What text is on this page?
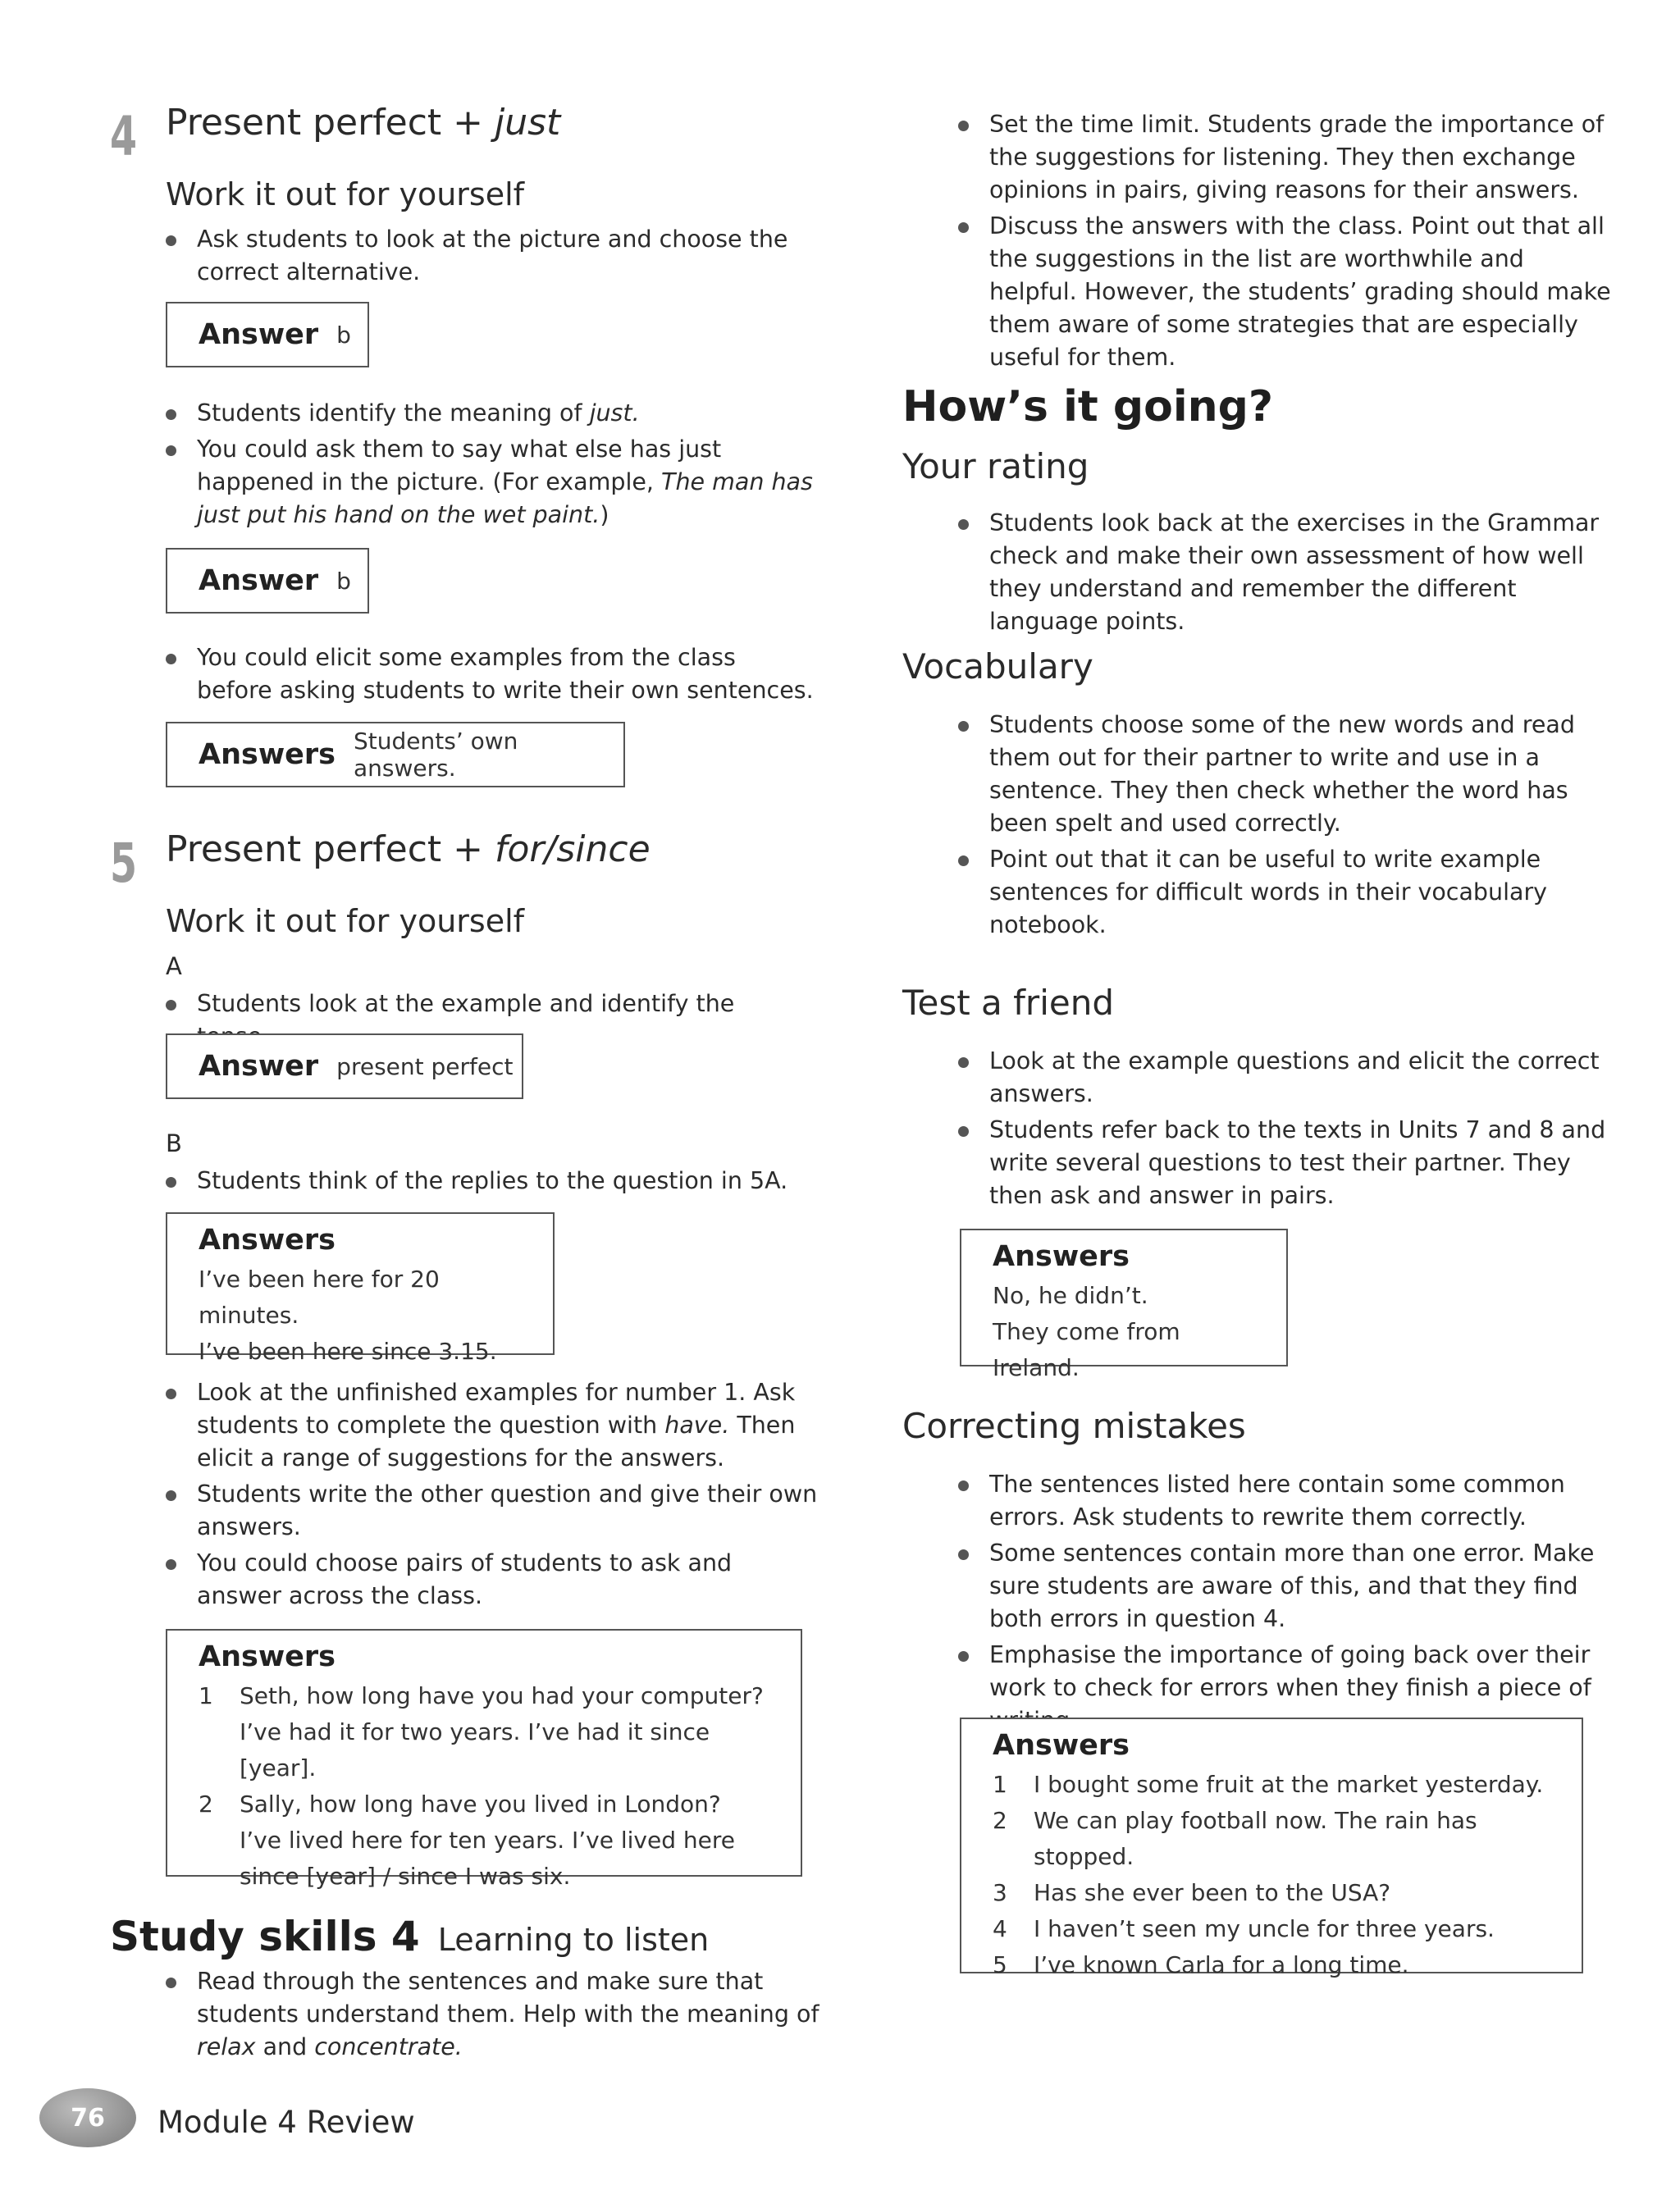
4 Present perfect + just
Work it out for yourself
Ask students to look at the picture and choose the correct alternative.
Answer b
Students identify the meaning of just.
You could ask them to say what else has just happened in the picture. (For example, The man has just put his hand on the wet paint.)
Answer b
You could elicit some examples from the class before asking students to write their own sentences.
Answers Students’ own answers.
5 Present perfect + for/since
Work it out for yourself
A
Students look at the example and identify the
Answer present perfect
B
Students think of the replies to the question in 5A.
Answers
I’ve been here for 20 minutes.
I’ve been here since 3.15.
Look at the unfinished examples for number 1. Ask students to complete the question with have. Then elicit a range of suggestions for the answers.
Students write the other question and give their own answers.
You could choose pairs of students to ask and answer across the class.
Answers
1	Seth, how long have you had your computer?
I’ve had it for two years. I’ve had it since [year].
2	Sally, how long have you lived in London?
I’ve lived here for ten years. I’ve lived here since [year] / since I was six.
Study skills 4 Learning to listen
Read through the sentences and make sure that students understand them. Help with the meaning of relax and concentrate.
76	Module 4 Review
Set the time limit. Students grade the importance of the suggestions for listening. They then exchange opinions in pairs, giving reasons for their answers.
Discuss the answers with the class. Point out that all the suggestions in the list are worthwhile and helpful. However, the students’ grading should make them aware of some strategies that are especially useful for them.
How’s it going?
Your rating
Students look back at the exercises in the Grammar check and make their own assessment of how well they understand and remember the different language points.
Vocabulary
Students choose some of the new words and read them out for their partner to write and use in a sentence. They then check whether the word has been spelt and used correctly.
Point out that it can be useful to write example sentences for difficult words in their vocabulary notebook.
Test a friend
Look at the example questions and elicit the correct answers.
Students refer back to the texts in Units 7 and 8 and write several questions to test their partner. They then ask and answer in pairs.
Answers
No, he didn’t.
They come from Ireland.
Correcting mistakes
The sentences listed here contain some common errors. Ask students to rewrite them correctly.
Some sentences contain more than one error. Make sure students are aware of this, and that they find both errors in question 4.
Emphasise the importance of going back over their work to check for errors when they finish a piece of
Answers
1	I bought some fruit at the market yesterday.
2	We can play football now. The rain has stopped.
3	Has she ever been to the USA?
4	I haven’t seen my uncle for three years.
5	I’ve known Carla for a long time.
